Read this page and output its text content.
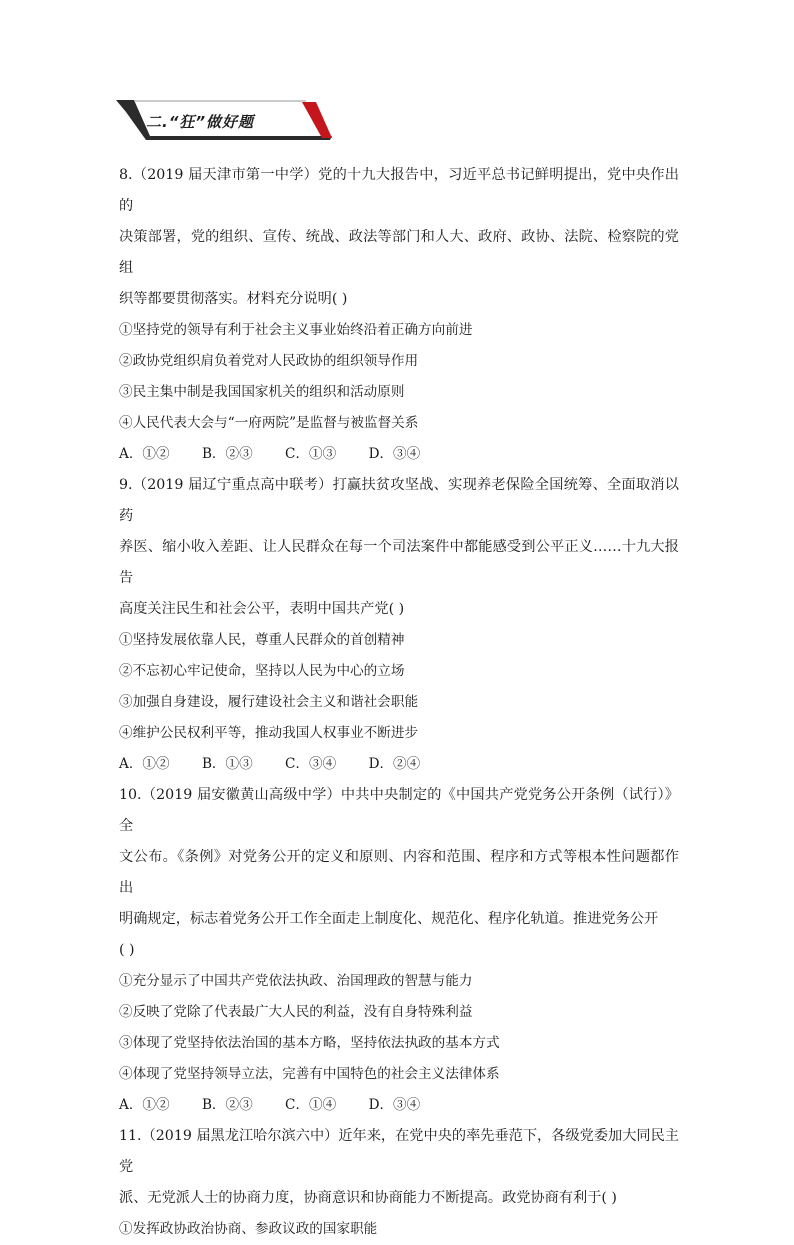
二.“狂”做好题

8.（2019 届天津市第一中学）党的十九大报告中，习近平总书记鲜明提出，党中央作出的

决策部署，党的组织、宣传、统战、政法等部门和人大、政府、政协、法院、检察院的党组

织等都要贯彻落实。材料充分说明( )

①坚持党的领导有利于社会主义事业始终沿着正确方向前进

②政协党组织肩负着党对人民政协的组织领导作用

③民主集中制是我国国家机关的组织和活动原则

④人民代表大会与“一府两院”是监督与被监督关系

A．①② B．②③ C．①③ D．③④

9.（2019 届辽宁重点高中联考）打赢扶贫攻坚战、实现养老保险全国统筹、全面取消以药

养医、缩小收入差距、让人民群众在每一个司法案件中都能感受到公平正义……十九大报告

高度关注民生和社会公平，表明中国共产党( )

①坚持发展依靠人民，尊重人民群众的首创精神

②不忘初心牢记使命，坚持以人民为中心的立场

③加强自身建设，履行建设社会主义和谐社会职能

④维护公民权利平等，推动我国人权事业不断进步

A．①② B．①③ C．③④ D．②④

10.（2019 届安徽黄山高级中学）中共中央制定的《中国共产党党务公开条例（试行）》全

文公布。《条例》对党务公开的定义和原则、内容和范围、程序和方式等根本性问题都作出

明确规定，标志着党务公开工作全面走上制度化、规范化、程序化轨道。推进党务公开

( )

①充分显示了中国共产党依法执政、治国理政的智慧与能力

②反映了党除了代表最广大人民的利益，没有自身特殊利益

③体现了党坚持依法治国的基本方略，坚持依法执政的基本方式

④体现了党坚持领导立法，完善有中国特色的社会主义法律体系

A．①② B．②③ C．①④ D．③④

11.（2019 届黑龙江哈尔滨六中）近年来，在党中央的率先垂范下，各级党委加大同民主党

派、无党派人士的协商力度，协商意识和协商能力不断提高。政党协商有利于( )

①发挥政协政治协商、参政议政的国家职能
